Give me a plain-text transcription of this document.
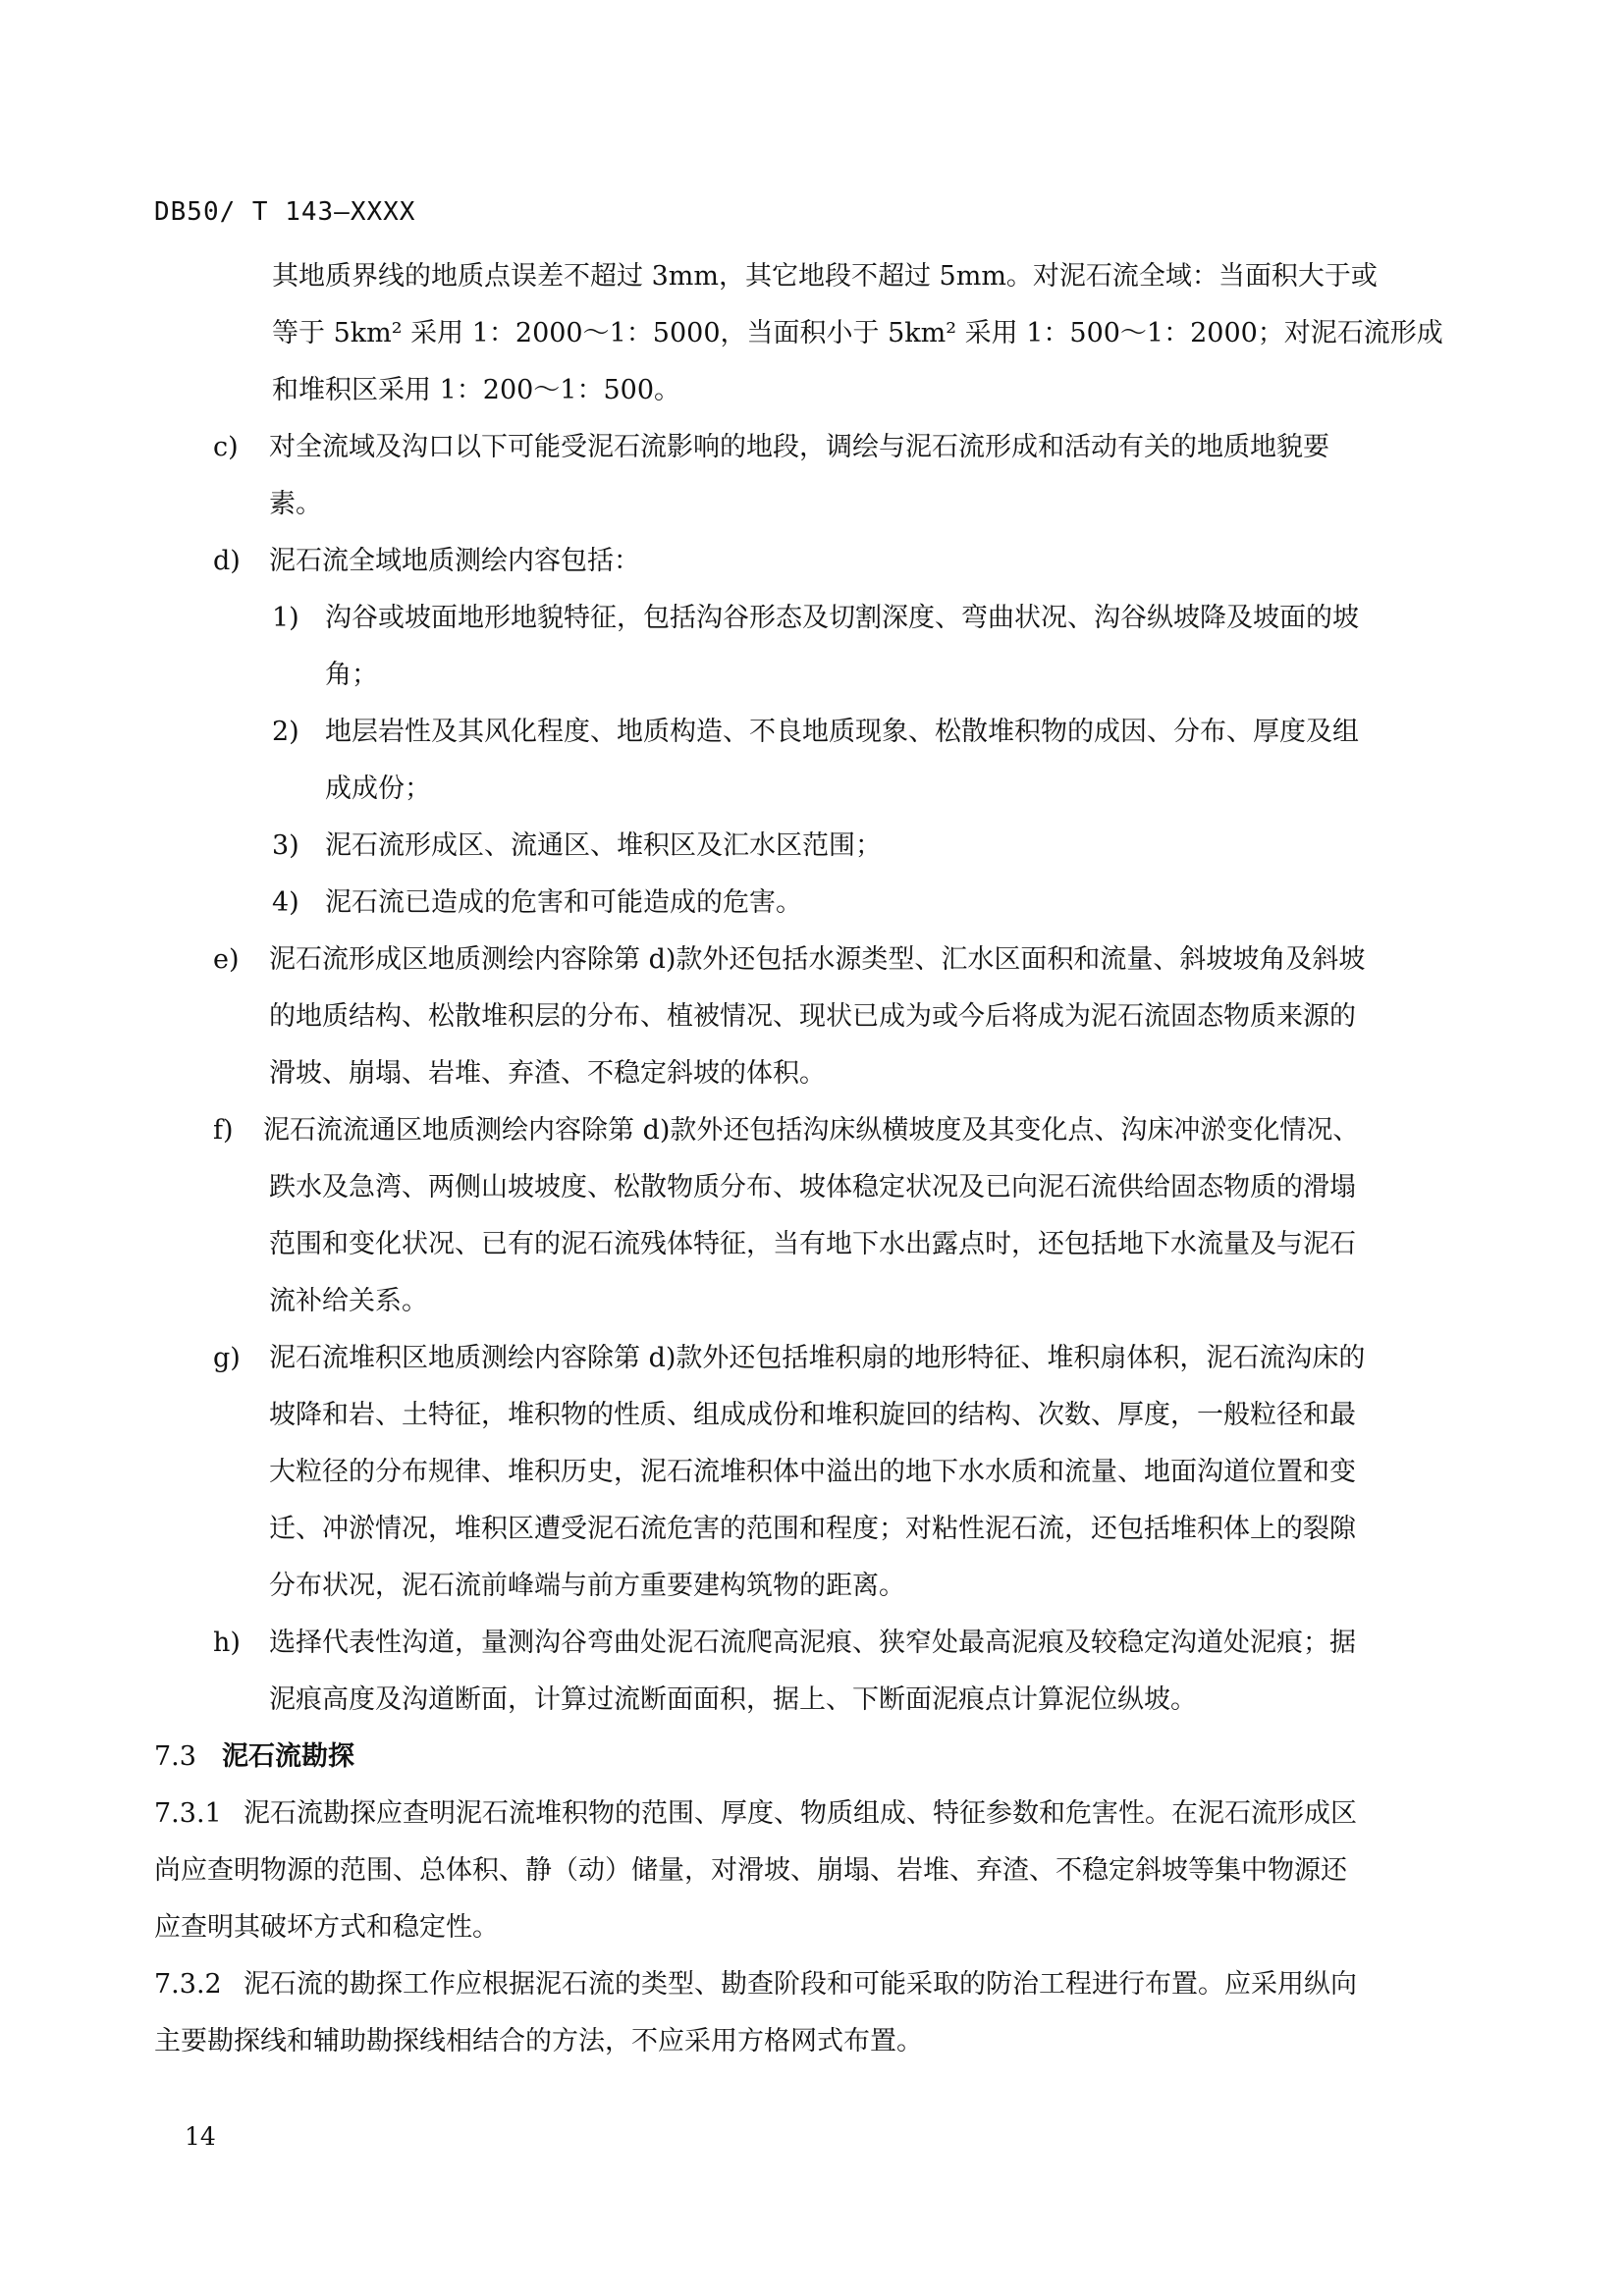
DB50/ T 143—XXXX
其地质界线的地质点误差不超过 3mm，其它地段不超过 5mm。对泥石流全域：当面积大于或
等于 5km² 采用 1：2000～1：5000，当面积小于 5km² 采用 1：500～1：2000；对泥石流形成
和堆积区采用 1：200～1：500。
c) 对全流域及沟口以下可能受泥石流影响的地段，调绘与泥石流形成和活动有关的地质地貌要
素。
d) 泥石流全域地质测绘内容包括：
1) 沟谷或坡面地形地貌特征，包括沟谷形态及切割深度、弯曲状况、沟谷纵坡降及坡面的坡
角；
2) 地层岩性及其风化程度、地质构造、不良地质现象、松散堆积物的成因、分布、厚度及组
成成份；
3) 泥石流形成区、流通区、堆积区及汇水区范围；
4) 泥石流已造成的危害和可能造成的危害。
e) 泥石流形成区地质测绘内容除第 d)款外还包括水源类型、汇水区面积和流量、斜坡坡角及斜坡
的地质结构、松散堆积层的分布、植被情况、现状已成为或今后将成为泥石流固态物质来源的
滑坡、崩塌、岩堆、弃渣、不稳定斜坡的体积。
f) 泥石流流通区地质测绘内容除第 d)款外还包括沟床纵横坡度及其变化点、沟床冲淤变化情况、
跌水及急湾、两侧山坡坡度、松散物质分布、坡体稳定状况及已向泥石流供给固态物质的滑塌
范围和变化状况、已有的泥石流残体特征，当有地下水出露点时，还包括地下水流量及与泥石
流补给关系。
g) 泥石流堆积区地质测绘内容除第 d)款外还包括堆积扇的地形特征、堆积扇体积，泥石流沟床的
坡降和岩、土特征，堆积物的性质、组成成份和堆积旋回的结构、次数、厚度，一般粒径和最
大粒径的分布规律、堆积历史，泥石流堆积体中溢出的地下水水质和流量、地面沟道位置和变
迁、冲淤情况，堆积区遭受泥石流危害的范围和程度；对粘性泥石流，还包括堆积体上的裂隙
分布状况，泥石流前峰端与前方重要建构筑物的距离。
h) 选择代表性沟道，量测沟谷弯曲处泥石流爬高泥痕、狭窄处最高泥痕及较稳定沟道处泥痕；据
泥痕高度及沟道断面，计算过流断面面积，据上、下断面泥痕点计算泥位纵坡。
7.3 泥石流勘探
7.3.1 泥石流勘探应查明泥石流堆积物的范围、厚度、物质组成、特征参数和危害性。在泥石流形成区
尚应查明物源的范围、总体积、静（动）储量，对滑坡、崩塌、岩堆、弃渣、不稳定斜坡等集中物源还
应查明其破坏方式和稳定性。
7.3.2 泥石流的勘探工作应根据泥石流的类型、勘查阶段和可能采取的防治工程进行布置。应采用纵向
主要勘探线和辅助勘探线相结合的方法，不应采用方格网式布置。
14
